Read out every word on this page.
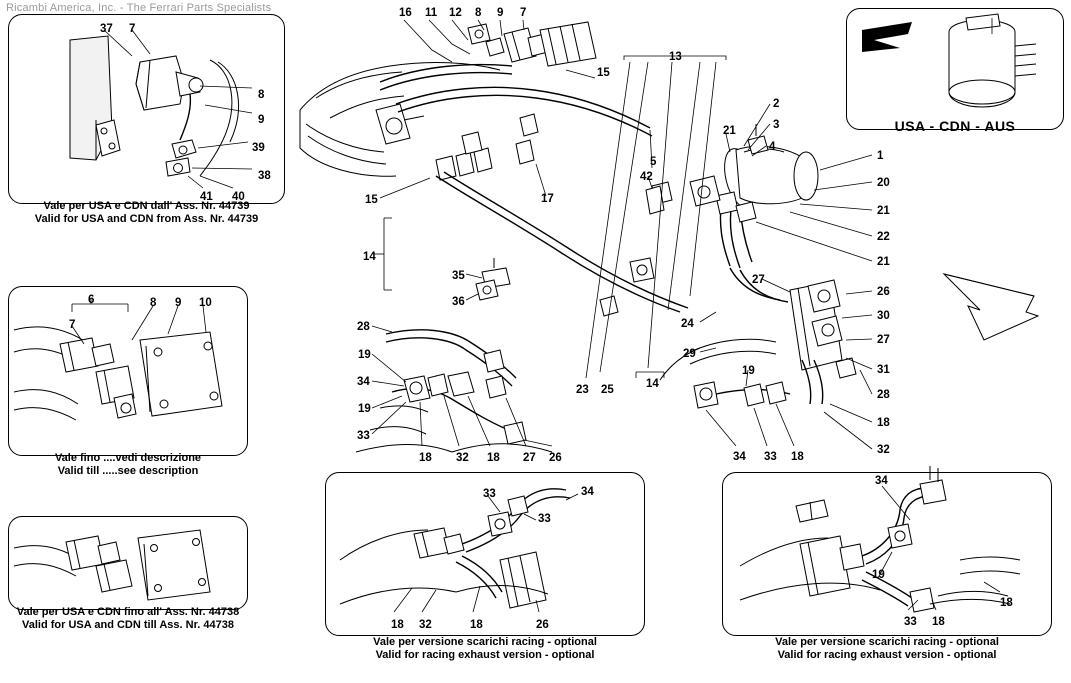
Ricambi America, Inc. - The Ferrari Parts Specialists	16 11 12 8 9 7
13
15
2
3
4
21
1
5
20
42
15	17
21
22
21
14
27
26
35
36
30
24
27
28
29
31
19
19
34
28
19
23 25	14
18
33
32
18 32 18 27 26	34 33 18
37 7
8
9
39
38
41 40
6	8 9 10
7
33	34
33
18 32	18	26
34
19
33 18
18
Vale per USA e CDN dall' Ass. Nr. 44739
Valid for USA and CDN from Ass. Nr. 44739
Vale fino ....vedi descrizione
Valid till .....see description
Vale per USA e CDN fino all' Ass. Nr. 44738
Valid for USA and CDN till Ass. Nr. 44738
USA - CDN - AUS
Vale per versione scarichi racing - optional
Valid for racing exhaust version - optional
Vale per versione scarichi racing - optional
Valid for racing exhaust version - optional
